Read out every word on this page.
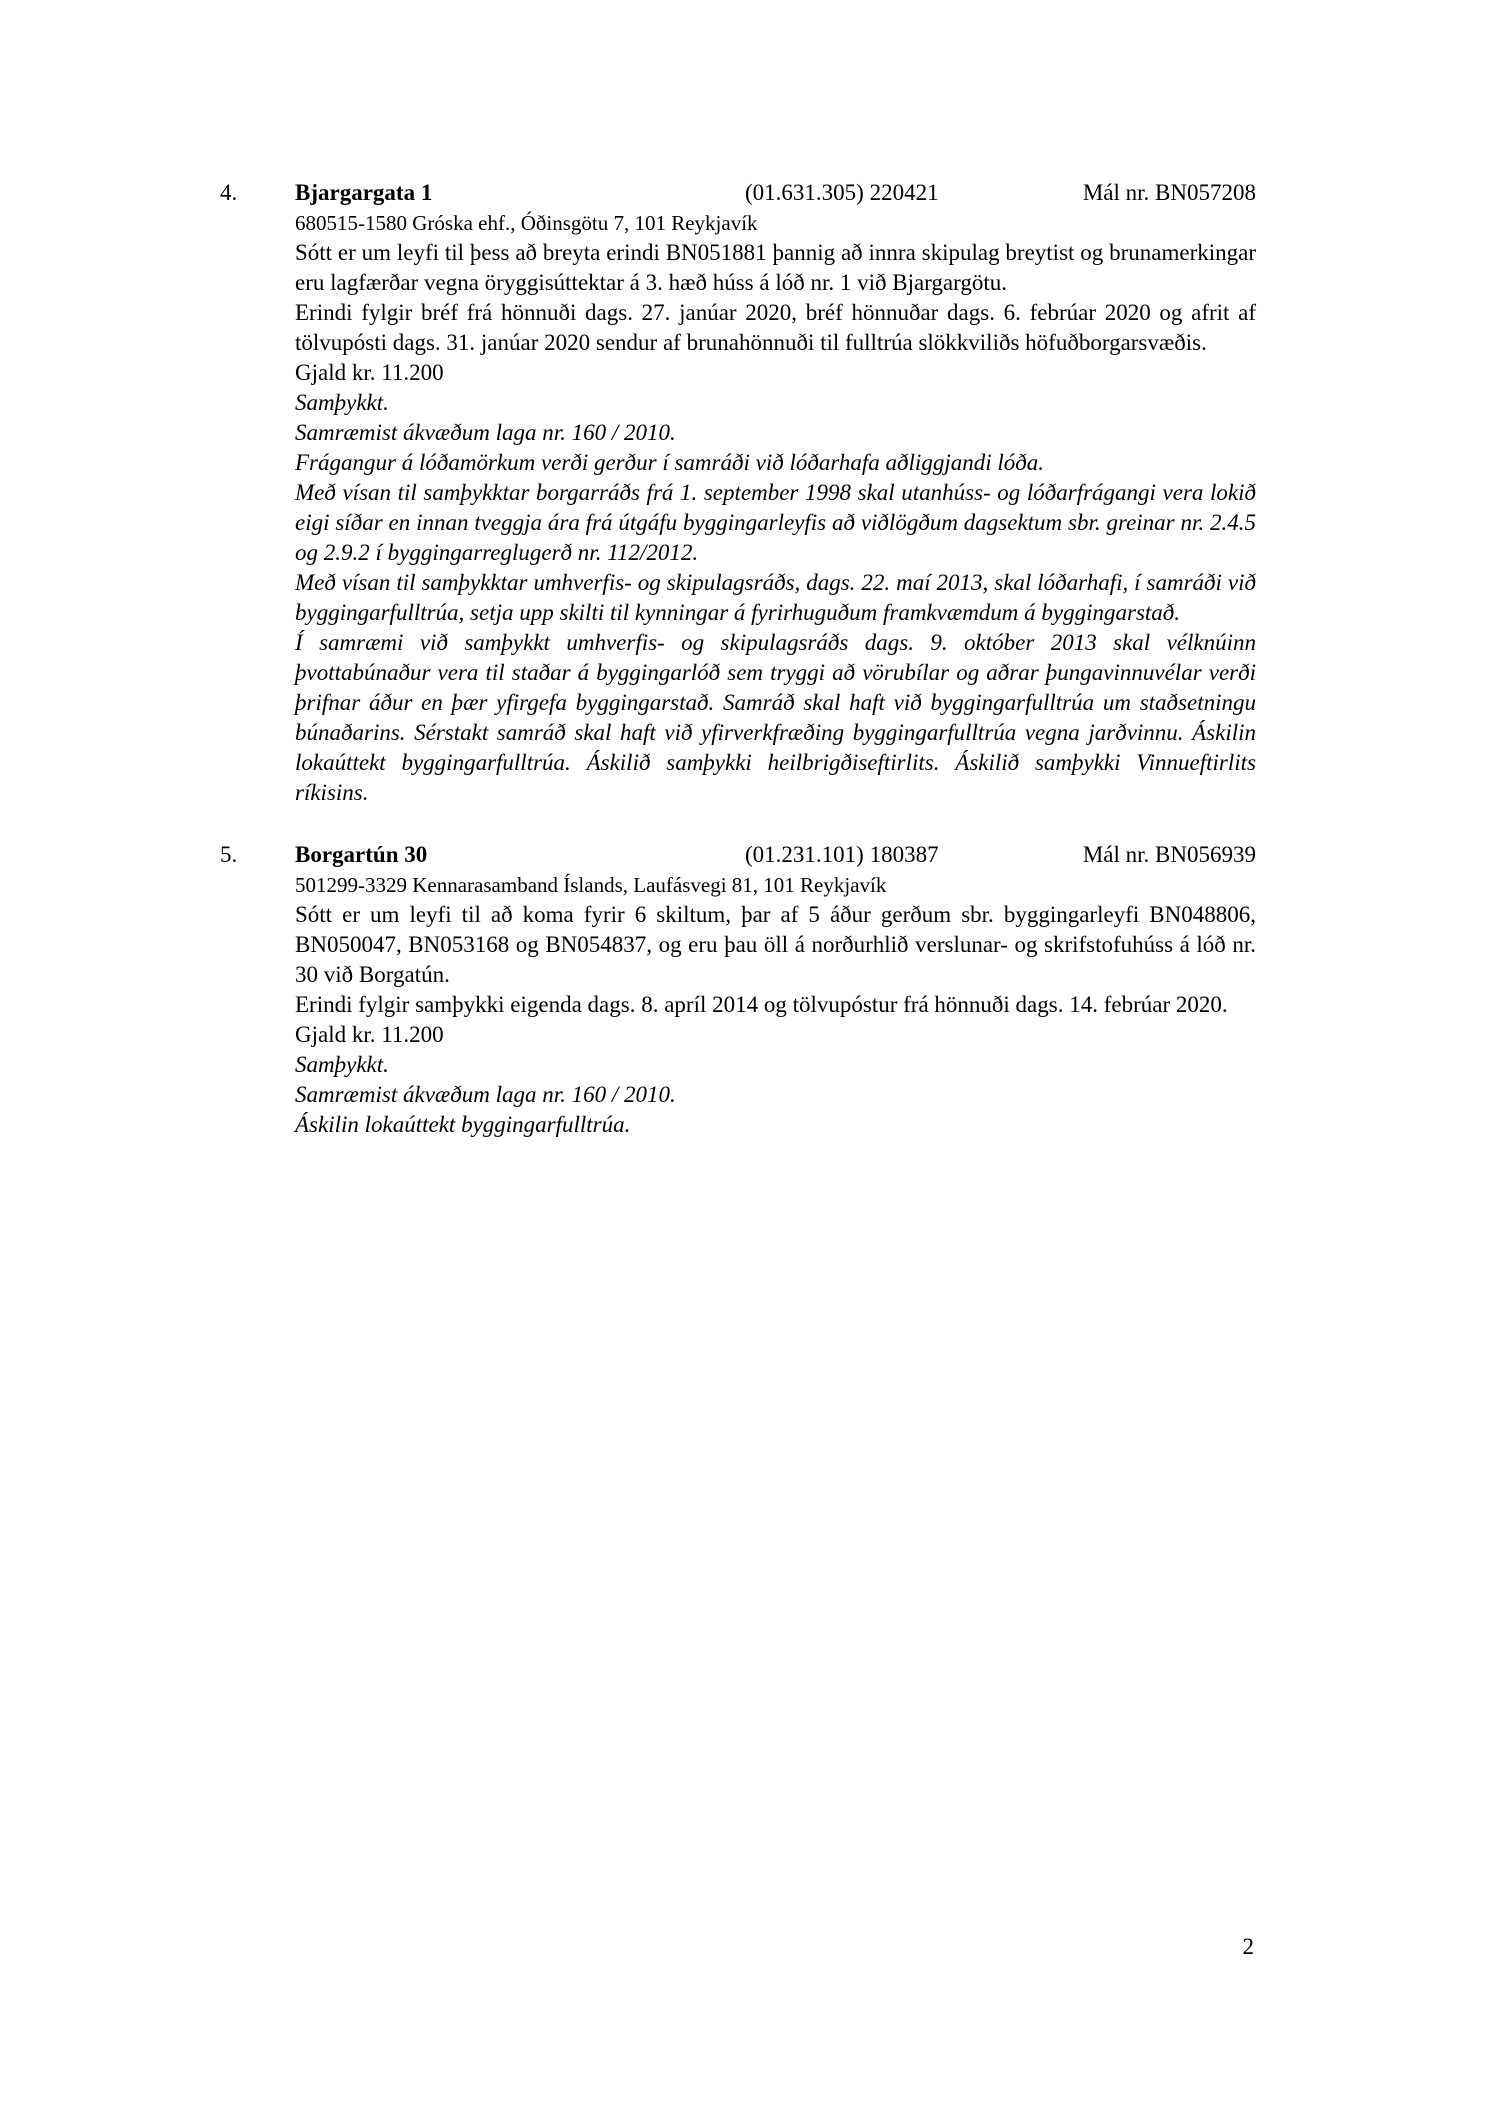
4.	Bjargargata 1	(01.631.305) 220421	Mál nr. BN057208
680515-1580 Gróska ehf., Óðinsgötu 7, 101 Reykjavík
Sótt er um leyfi til þess að breyta erindi BN051881 þannig að innra skipulag breytist og brunamerkingar eru lagfærðar vegna öryggisúttektar á 3. hæð húss á lóð nr. 1 við Bjargargötu.
Erindi fylgir bréf frá hönnuði dags. 27. janúar 2020, bréf hönnuðar dags. 6. febrúar 2020 og afrit af tölvupósti dags. 31. janúar 2020 sendur af brunahönnuði til fulltrúa slökkviliðs höfuðborgarsvæðis.
Gjald kr. 11.200
Samþykkt.
Samræmist ákvæðum laga nr. 160 / 2010.
Frágangur á lóðamörkum verði gerður í samráði við lóðarhafa aðliggjandi lóða.
Með vísan til samþykktar borgarráðs frá 1. september 1998 skal utanhúss- og lóðarfrágangi vera lokið eigi síðar en innan tveggja ára frá útgáfu byggingarleyfis að viðlögðum dagsektum sbr. greinar nr. 2.4.5 og 2.9.2 í byggingarreglugerð nr. 112/2012.
Með vísan til samþykktar umhverfis- og skipulagsráðs, dags. 22. maí 2013, skal lóðarhafi, í samráði við byggingarfulltrúa, setja upp skilti til kynningar á fyrirhuguðum framkvæmdum á byggingarstað.
Í samræmi við samþykkt umhverfis- og skipulagsráðs dags. 9. október 2013 skal vélknúinn þvottabúnaður vera til staðar á byggingarlóð sem tryggi að vörubílar og aðrar þungavinnuvélar verði þrifnar áður en þær yfirgefa byggingarstað. Samráð skal haft við byggingarfulltrúa um staðsetningu búnaðarins. Sérstakt samráð skal haft við yfirverkfræðing byggingarfulltrúa vegna jarðvinnu. Áskilin lokaúttekt byggingarfulltrúa. Áskilið samþykki heilbrigðiseftirlits. Áskilið samþykki Vinnueftirlits ríkisins.
5.	Borgartún 30	(01.231.101) 180387	Mál nr. BN056939
501299-3329 Kennarasamband Íslands, Laufásvegi 81, 101 Reykjavík
Sótt er um leyfi til að koma fyrir 6 skiltum, þar af 5 áður gerðum sbr. byggingarleyfi BN048806, BN050047, BN053168 og BN054837, og eru þau öll á norðurhlið verslunar- og skrifstofuhúss á lóð nr. 30 við Borgatún.
Erindi fylgir samþykki eigenda dags. 8. apríl 2014 og tölvupóstur frá hönnuði dags. 14. febrúar 2020.
Gjald kr. 11.200
Samþykkt.
Samræmist ákvæðum laga nr. 160 / 2010.
Áskilin lokaúttekt byggingarfulltrúa.
2
